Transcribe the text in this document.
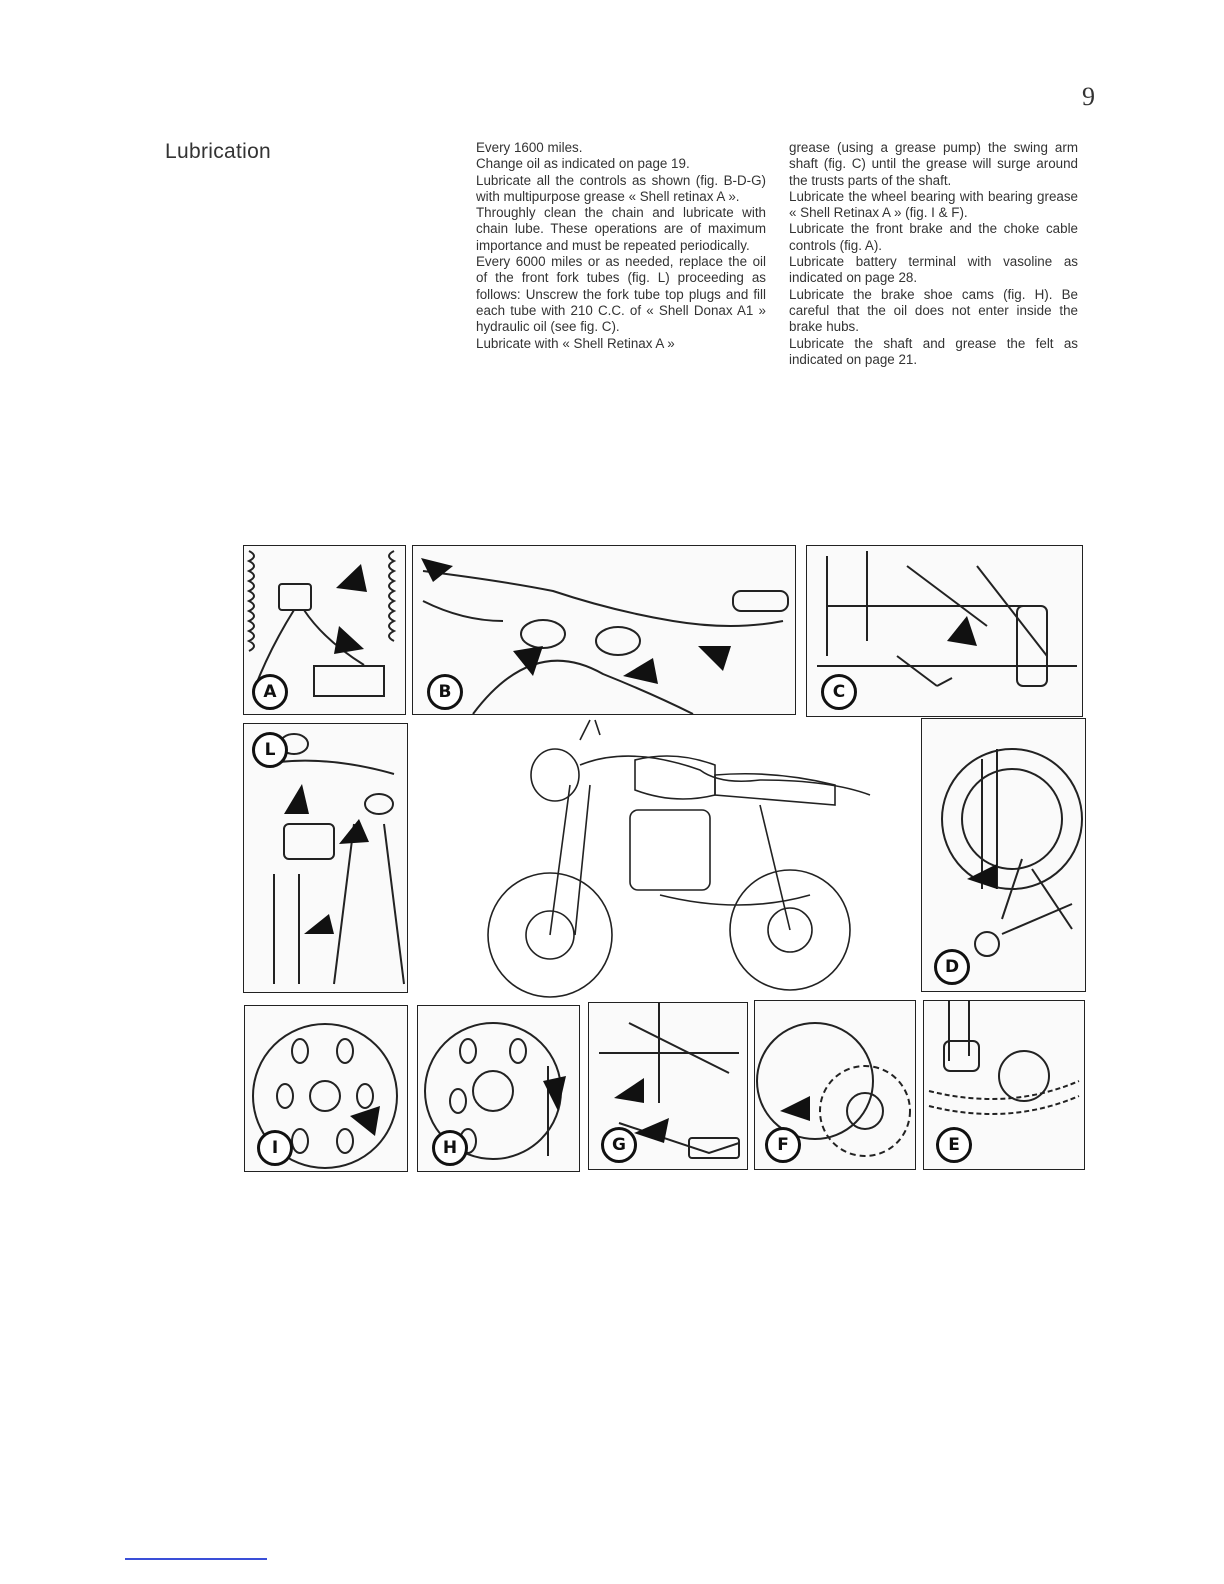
9
Lubrication	Every 1600 miles.

Change oil as indicated on page 19.

Lubricate all the controls as shown (fig. B-D-G) with multipurpose grease « Shell retinax A ».

Throughly clean the chain and lubricate with chain lube. These operations are of maximum importance and must be repeated periodically.

Every 6000 miles or as needed, replace the oil of the front fork tubes (fig. L) proceeding as follows: Unscrew the fork tube top plugs and fill each tube with 210 C.C. of « Shell Donax A1 » hydraulic oil (see fig. C).

Lubricate with « Shell Retinax A »

grease (using a grease pump) the swing arm shaft (fig. C) until the grease will surge around the trusts parts of the shaft.

Lubricate the wheel bearing with bearing grease « Shell Retinax A » (fig. I & F).

Lubricate the front brake and the choke cable controls (fig. A).

Lubricate battery terminal with vasoline as indicated on page 28.

Lubricate the brake shoe cams (fig. H). Be careful that the oil does not enter inside the brake hubs.

Lubricate the shaft and grease the felt as indicated on page 21.

A	B	C
L
D
I	H	G	F	E
